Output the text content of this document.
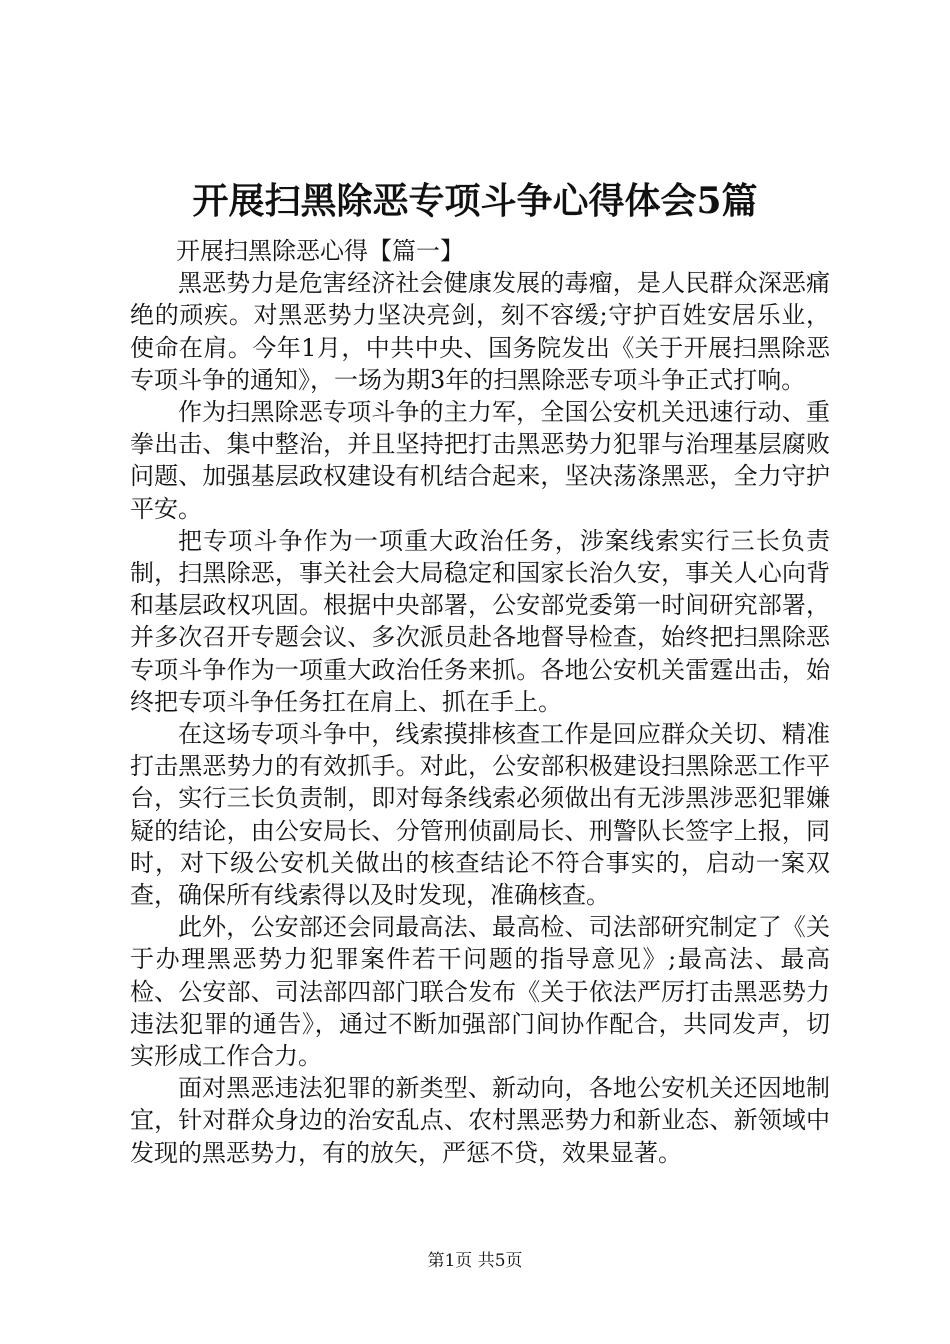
开展扫黑除恶专项斗争心得体会5篇

开展扫黑除恶心得【篇一】

黑恶势力是危害经济社会健康发展的毒瘤，是人民群众深恶痛绝的顽疾。对黑恶势力坚决亮剑，刻不容缓;守护百姓安居乐业，使命在肩。今年1月，中共中央、国务院发出《关于开展扫黑除恶专项斗争的通知》，一场为期3年的扫黑除恶专项斗争正式打响。

作为扫黑除恶专项斗争的主力军，全国公安机关迅速行动、重拳出击、集中整治，并且坚持把打击黑恶势力犯罪与治理基层腐败问题、加强基层政权建设有机结合起来，坚决荡涤黑恶，全力守护平安。

把专项斗争作为一项重大政治任务，涉案线索实行三长负责制，扫黑除恶，事关社会大局稳定和国家长治久安，事关人心向背和基层政权巩固。根据中央部署，公安部党委第一时间研究部署，并多次召开专题会议、多次派员赴各地督导检查，始终把扫黑除恶专项斗争作为一项重大政治任务来抓。各地公安机关雷霆出击，始终把专项斗争任务扛在肩上、抓在手上。

在这场专项斗争中，线索摸排核查工作是回应群众关切、精准打击黑恶势力的有效抓手。对此，公安部积极建设扫黑除恶工作平台，实行三长负责制，即对每条线索必须做出有无涉黑涉恶犯罪嫌疑的结论，由公安局长、分管刑侦副局长、刑警队长签字上报，同时，对下级公安机关做出的核查结论不符合事实的，启动一案双查，确保所有线索得以及时发现，准确核查。

此外，公安部还会同最高法、最高检、司法部研究制定了《关于办理黑恶势力犯罪案件若干问题的指导意见》;最高法、最高检、公安部、司法部四部门联合发布《关于依法严厉打击黑恶势力违法犯罪的通告》，通过不断加强部门间协作配合，共同发声，切实形成工作合力。

面对黑恶违法犯罪的新类型、新动向，各地公安机关还因地制宜，针对群众身边的治安乱点、农村黑恶势力和新业态、新领域中发现的黑恶势力，有的放矢，严惩不贷，效果显著。

第1页 共5页
